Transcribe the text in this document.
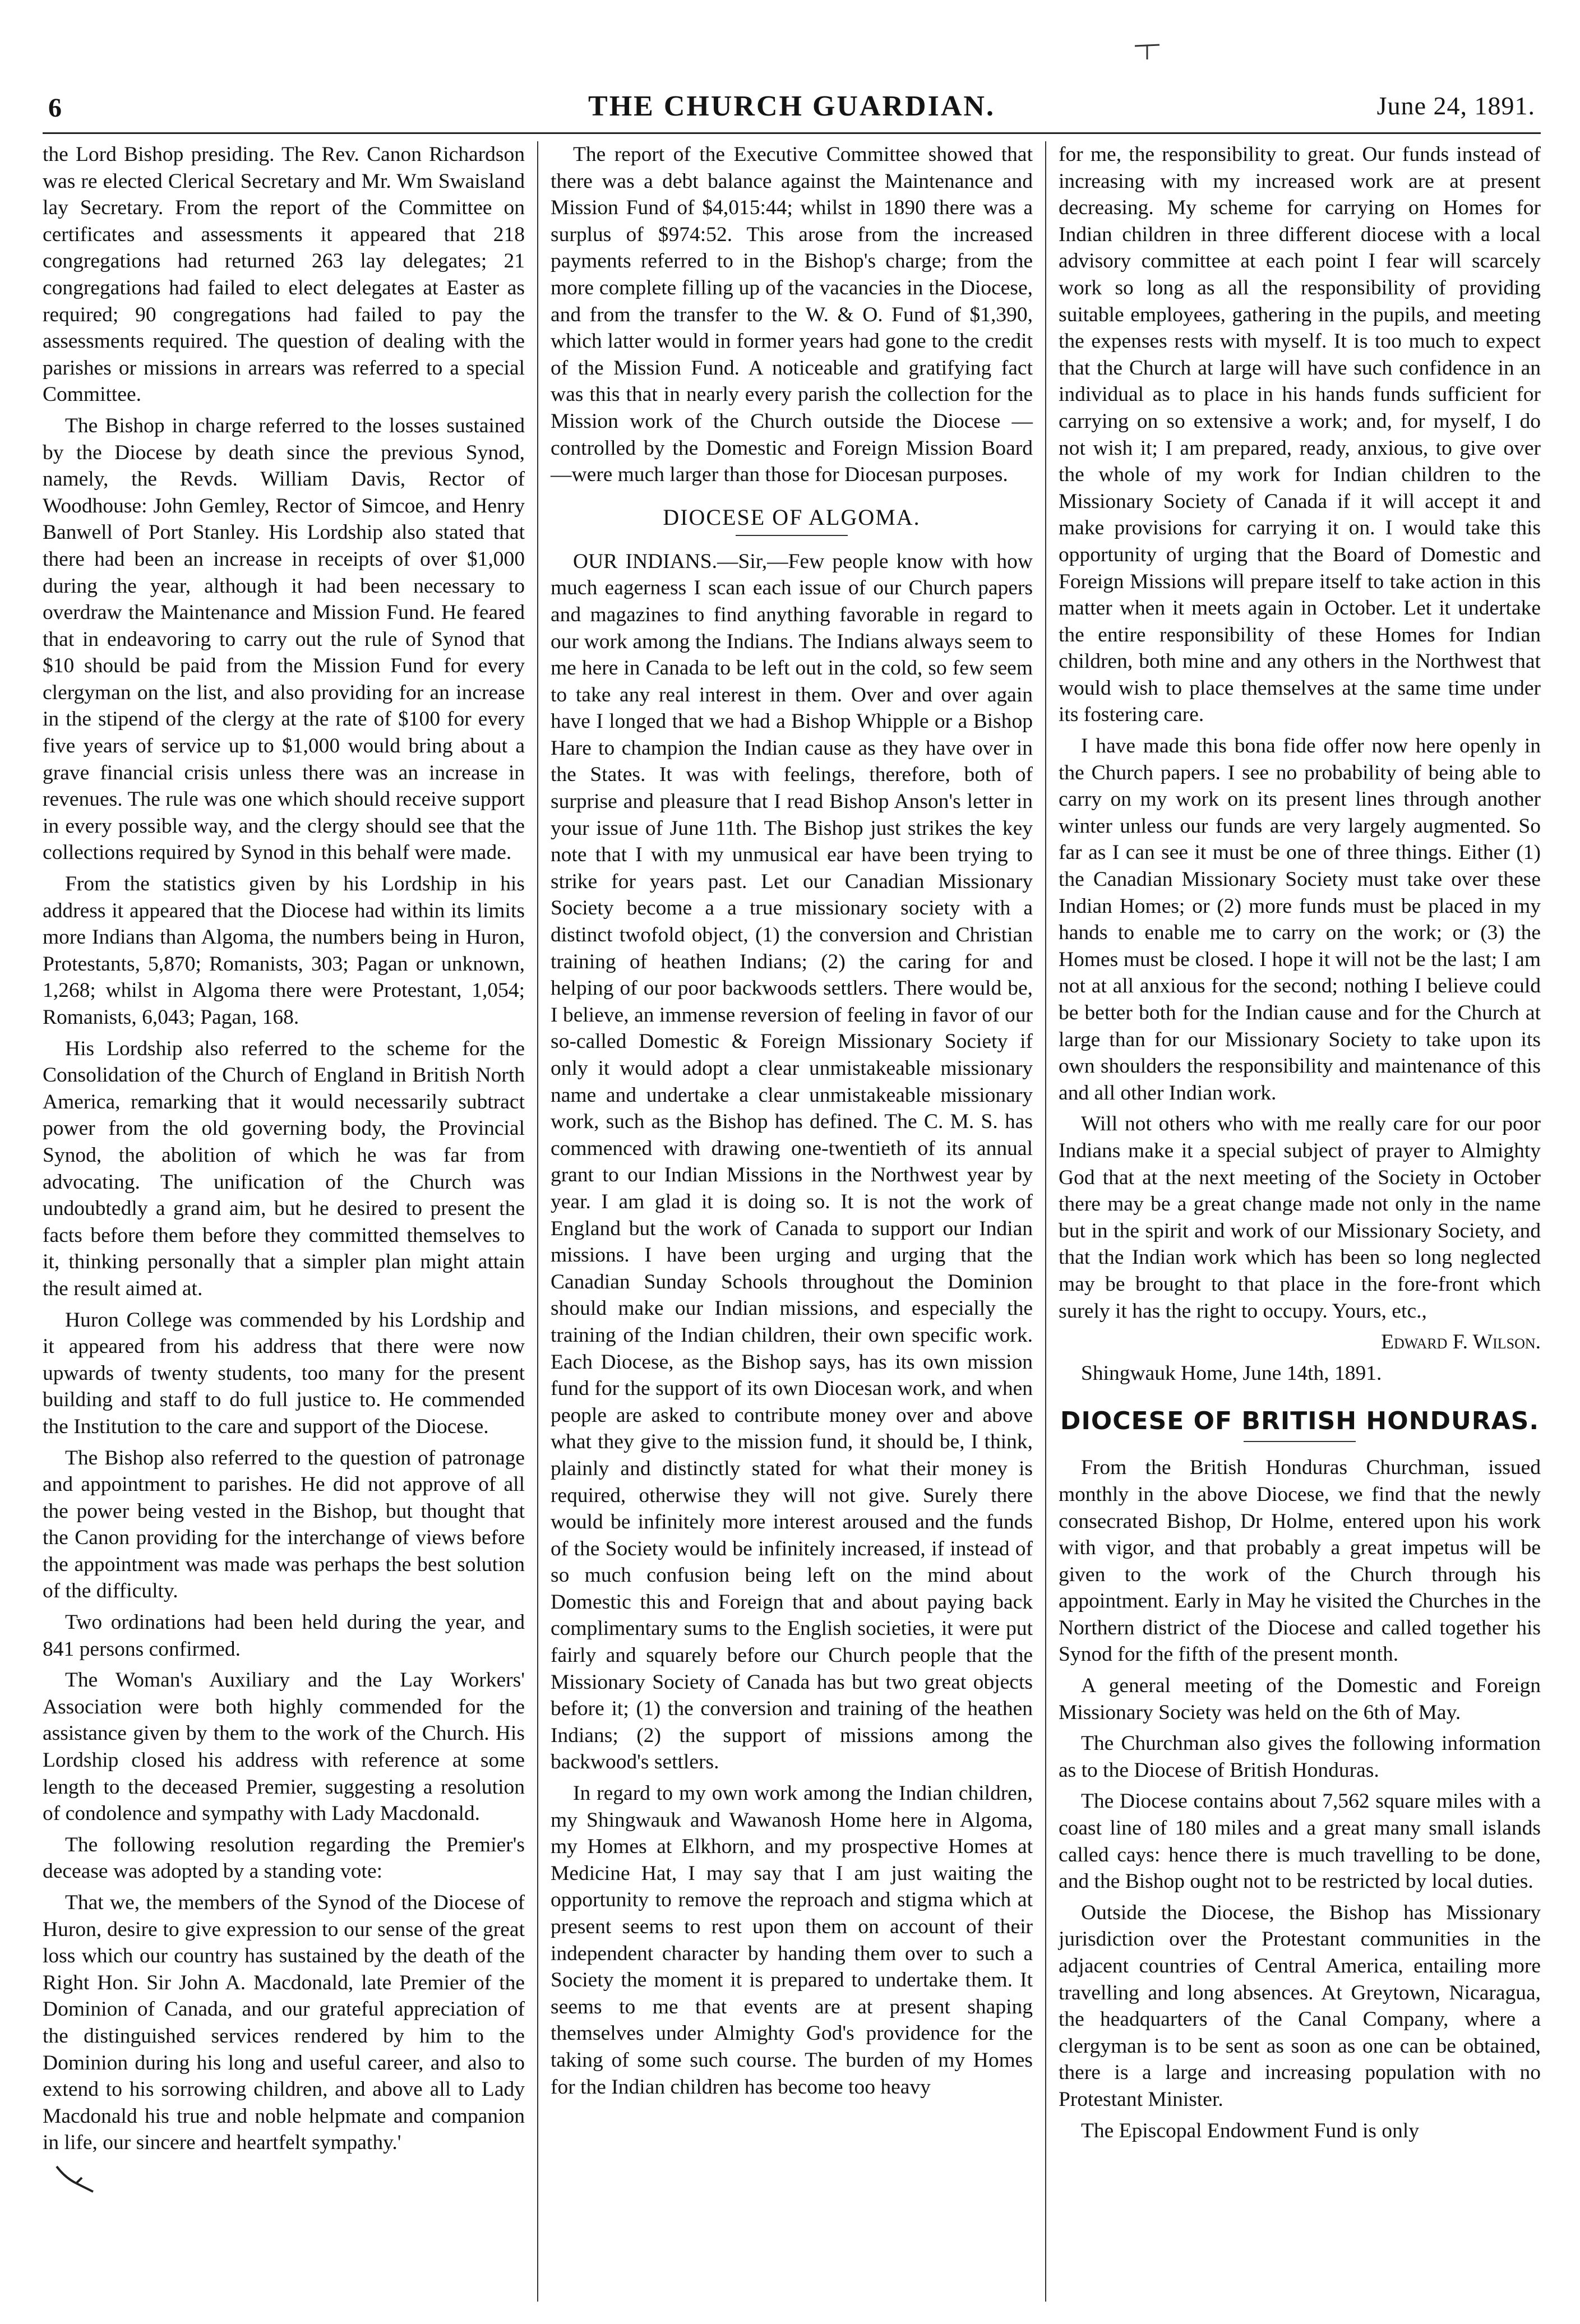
6	THE CHURCH GUARDIAN.	June 24, 1891.

the Lord Bishop presiding. The Rev. Canon Richardson was re elected Clerical Secretary and Mr. Wm Swaisland lay Secretary. From the report of the Committee on certificates and assessments it appeared that 218 congregations had returned 263 lay delegates; 21 congregations had failed to elect delegates at Easter as required; 90 congregations had failed to pay the assessments required. The question of dealing with the parishes or missions in arrears was referred to a special Committee.

The Bishop in charge referred to the losses sustained by the Diocese by death since the previous Synod, namely, the Revds. William Davis, Rector of Woodhouse: John Gemley, Rector of Simcoe, and Henry Banwell of Port Stanley. His Lordship also stated that there had been an increase in receipts of over $1,000 during the year, although it had been necessary to overdraw the Maintenance and Mission Fund. He feared that in endeavoring to carry out the rule of Synod that $10 should be paid from the Mission Fund for every clergyman on the list, and also providing for an increase in the stipend of the clergy at the rate of $100 for every five years of service up to $1,000 would bring about a grave financial crisis unless there was an increase in revenues. The rule was one which should receive support in every possible way, and the clergy should see that the collections required by Synod in this behalf were made.

From the statistics given by his Lordship in his address it appeared that the Diocese had within its limits more Indians than Algoma, the numbers being in Huron, Protestants, 5,870; Romanists, 303; Pagan or unknown, 1,268; whilst in Algoma there were Protestant, 1,054; Romanists, 6,043; Pagan, 168.

His Lordship also referred to the scheme for the Consolidation of the Church of England in British North America, remarking that it would necessarily subtract power from the old governing body, the Provincial Synod, the abolition of which he was far from advocating. The unification of the Church was undoubtedly a grand aim, but he desired to present the facts before them before they committed themselves to it, thinking personally that a simpler plan might attain the result aimed at.

Huron College was commended by his Lordship and it appeared from his address that there were now upwards of twenty students, too many for the present building and staff to do full justice to. He commended the Institution to the care and support of the Diocese.

The Bishop also referred to the question of patronage and appointment to parishes. He did not approve of all the power being vested in the Bishop, but thought that the Canon providing for the interchange of views before the appointment was made was perhaps the best solution of the difficulty.

Two ordinations had been held during the year, and 841 persons confirmed.

The Woman's Auxiliary and the Lay Workers' Association were both highly commended for the assistance given by them to the work of the Church. His Lordship closed his address with reference at some length to the deceased Premier, suggesting a resolution of condolence and sympathy with Lady Macdonald.

The following resolution regarding the Premier's decease was adopted by a standing vote:

That we, the members of the Synod of the Diocese of Huron, desire to give expression to our sense of the great loss which our country has sustained by the death of the Right Hon. Sir John A. Macdonald, late Premier of the Dominion of Canada, and our grateful appreciation of the distinguished services rendered by him to the Dominion during his long and useful career, and also to extend to his sorrowing children, and above all to Lady Macdonald his true and noble helpmate and companion in life, our sincere and heartfelt sympathy.'

The report of the Executive Committee showed that there was a debt balance against the Maintenance and Mission Fund of $4,015:44; whilst in 1890 there was a surplus of $974:52. This arose from the increased payments referred to in the Bishop's charge; from the more complete filling up of the vacancies in the Diocese, and from the transfer to the W. & O. Fund of $1,390, which latter would in former years had gone to the credit of the Mission Fund. A noticeable and gratifying fact was this that in nearly every parish the collection for the Mission work of the Church outside the Diocese —controlled by the Domestic and Foreign Mission Board—were much larger than those for Diocesan purposes.

DIOCESE OF ALGOMA.

OUR INDIANS.—Sir,—Few people know with how much eagerness I scan each issue of our Church papers and magazines to find anything favorable in regard to our work among the Indians. The Indians always seem to me here in Canada to be left out in the cold, so few seem to take any real interest in them. Over and over again have I longed that we had a Bishop Whipple or a Bishop Hare to champion the Indian cause as they have over in the States. It was with feelings, therefore, both of surprise and pleasure that I read Bishop Anson's letter in your issue of June 11th. The Bishop just strikes the key note that I with my unmusical ear have been trying to strike for years past. Let our Canadian Missionary Society become a a true missionary society with a distinct twofold object, (1) the conversion and Christian training of heathen Indians; (2) the caring for and helping of our poor backwoods settlers. There would be, I believe, an immense reversion of feeling in favor of our so-called Domestic & Foreign Missionary Society if only it would adopt a clear unmistakeable missionary name and undertake a clear unmistakeable missionary work, such as the Bishop has defined. The C. M. S. has commenced with drawing one-twentieth of its annual grant to our Indian Missions in the Northwest year by year. I am glad it is doing so. It is not the work of England but the work of Canada to support our Indian missions. I have been urging and urging that the Canadian Sunday Schools throughout the Dominion should make our Indian missions, and especially the training of the Indian children, their own specific work. Each Diocese, as the Bishop says, has its own mission fund for the support of its own Diocesan work, and when people are asked to contribute money over and above what they give to the mission fund, it should be, I think, plainly and distinctly stated for what their money is required, otherwise they will not give. Surely there would be infinitely more interest aroused and the funds of the Society would be infinitely increased, if instead of so much confusion being left on the mind about Domestic this and Foreign that and about paying back complimentary sums to the English societies, it were put fairly and squarely before our Church people that the Missionary Society of Canada has but two great objects before it; (1) the conversion and training of the heathen Indians; (2) the support of missions among the backwood's settlers.

In regard to my own work among the Indian children, my Shingwauk and Wawanosh Home here in Algoma, my Homes at Elkhorn, and my prospective Homes at Medicine Hat, I may say that I am just waiting the opportunity to remove the reproach and stigma which at present seems to rest upon them on account of their independent character by handing them over to such a Society the moment it is prepared to undertake them. It seems to me that events are at present shaping themselves under Almighty God's providence for the taking of some such course. The burden of my Homes for the Indian children has become too heavy

for me, the responsibility to great. Our funds instead of increasing with my increased work are at present decreasing. My scheme for carrying on Homes for Indian children in three different diocese with a local advisory committee at each point I fear will scarcely work so long as all the responsibility of providing suitable employees, gathering in the pupils, and meeting the expenses rests with myself. It is too much to expect that the Church at large will have such confidence in an individual as to place in his hands funds sufficient for carrying on so extensive a work; and, for myself, I do not wish it; I am prepared, ready, anxious, to give over the whole of my work for Indian children to the Missionary Society of Canada if it will accept it and make provisions for carrying it on. I would take this opportunity of urging that the Board of Domestic and Foreign Missions will prepare itself to take action in this matter when it meets again in October. Let it undertake the entire responsibility of these Homes for Indian children, both mine and any others in the Northwest that would wish to place themselves at the same time under its fostering care.

I have made this bona fide offer now here openly in the Church papers. I see no probability of being able to carry on my work on its present lines through another winter unless our funds are very largely augmented. So far as I can see it must be one of three things. Either (1) the Canadian Missionary Society must take over these Indian Homes; or (2) more funds must be placed in my hands to enable me to carry on the work; or (3) the Homes must be closed. I hope it will not be the last; I am not at all anxious for the second; nothing I believe could be better both for the Indian cause and for the Church at large than for our Missionary Society to take upon its own shoulders the responsibility and maintenance of this and all other Indian work.

Will not others who with me really care for our poor Indians make it a special subject of prayer to Almighty God that at the next meeting of the Society in October there may be a great change made not only in the name but in the spirit and work of our Missionary Society, and that the Indian work which has been so long neglected may be brought to that place in the fore-front which surely it has the right to occupy. Yours, etc.,

Edward F. Wilson.

Shingwauk Home, June 14th, 1891.

DIOCESE OF BRITISH HONDURAS.

From the British Honduras Churchman, issued monthly in the above Diocese, we find that the newly consecrated Bishop, Dr Holme, entered upon his work with vigor, and that probably a great impetus will be given to the work of the Church through his appointment. Early in May he visited the Churches in the Northern district of the Diocese and called together his Synod for the fifth of the present month.

A general meeting of the Domestic and Foreign Missionary Society was held on the 6th of May.

The Churchman also gives the following information as to the Diocese of British Honduras.

The Diocese contains about 7,562 square miles with a coast line of 180 miles and a great many small islands called cays: hence there is much travelling to be done, and the Bishop ought not to be restricted by local duties.

Outside the Diocese, the Bishop has Missionary jurisdiction over the Protestant communities in the adjacent countries of Central America, entailing more travelling and long absences. At Greytown, Nicaragua, the headquarters of the Canal Company, where a clergyman is to be sent as soon as one can be obtained, there is a large and increasing population with no Protestant Minister.

The Episcopal Endowment Fund is only
